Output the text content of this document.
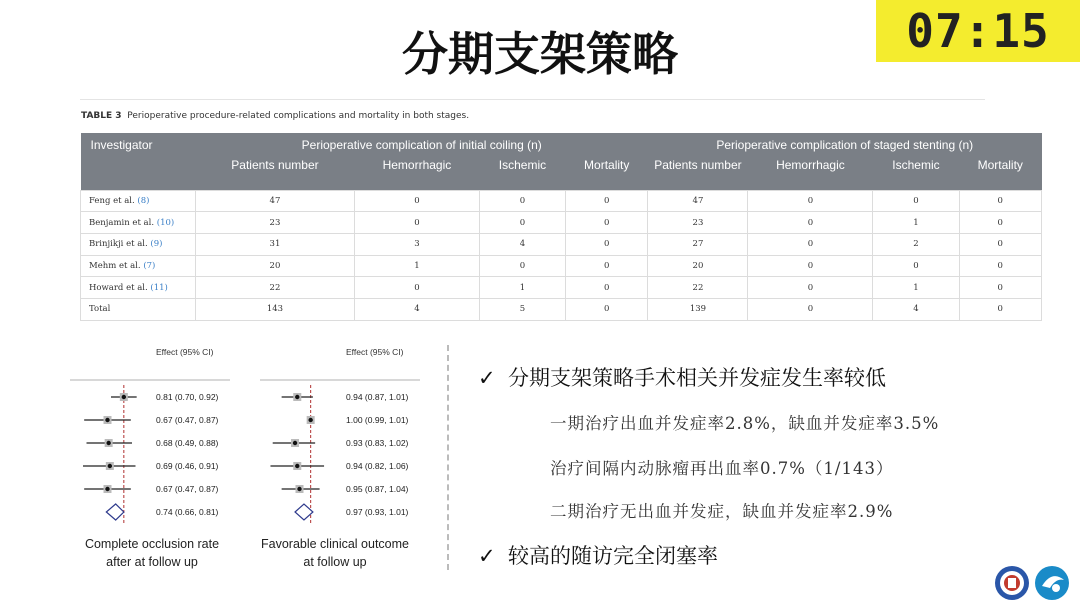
07:15
分期支架策略
TABLE 3 Perioperative procedure-related complications and mortality in both stages.
Investigator	Perioperative complication of initial coiling (n)				Perioperative complication of staged stenting (n)			
	Patients number	Hemorrhagic	Ischemic	Mortality	Patients number	Hemorrhagic	Ischemic	Mortality
Feng et al. (8)	47	0	0	0	47	0	0	0
Benjamin et al. (10)	23	0	0	0	23	0	1	0
Brinjikji et al. (9)	31	3	4	0	27	0	2	0
Mehm et al. (7)	20	1	0	0	20	0	0	0
Howard et al. (11)	22	0	1	0	22	0	1	0
Total	143	4	5	0	139	0	4	0
Effect (95% CI)
0.81 (0.70, 0.92)
0.67 (0.47, 0.87)
0.68 (0.49, 0.88)
0.69 (0.46, 0.91)
0.67 (0.47, 0.87)
0.74 (0.66, 0.81)
Complete occlusion rate
after at follow up
Effect (95% CI)
0.94 (0.87, 1.01)
1.00 (0.99, 1.01)
0.93 (0.83, 1.02)
0.94 (0.82, 1.06)
0.95 (0.87, 1.04)
0.97 (0.93, 1.01)
Favorable clinical outcome
at follow up
✓ 分期支架策略手术相关并发症发生率较低
一期治疗出血并发症率2.8%，缺血并发症率3.5%
治疗间隔内动脉瘤再出血率0.7%（1/143）
二期治疗无出血并发症，缺血并发症率2.9%
✓ 较高的随访完全闭塞率
